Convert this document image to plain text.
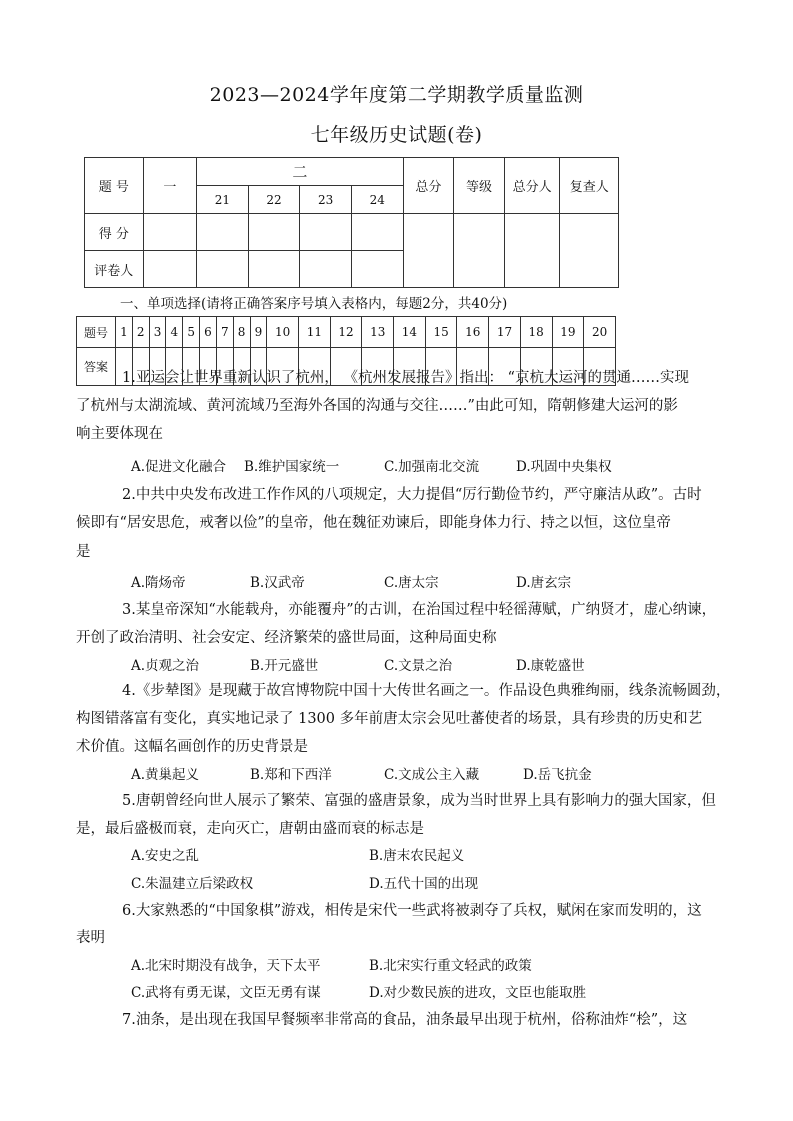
2023—2024学年度第二学期教学质量监测
七年级历史试题(卷)
题 号	一	二				总分	等级	总分人	复查人
		21	22	23	24				
得 分									
评卷人									
一、单项选择(请将正确答案序号填入表格内，每题2分，共40分)
题号	1	2	3	4	5	6	7	8	9	10	11	12	13	14	15	16	17	18	19	20
答案																				
1.亚运会让世界重新认识了杭州， 《杭州发展报告》指出： “京杭大运河的贯通……实现
了杭州与太湖流域、黄河流域乃至海外各国的沟通与交往……”由此可知，隋朝修建大运河的影
响主要体现在
A.促进文化融合 B.维护国家统一	C.加强南北交流	D.巩固中央集权
2.中共中央发布改进工作作风的八项规定，大力提倡“厉行勤俭节约，严守廉洁从政”。古时
候即有“居安思危，戒奢以俭”的皇帝，他在魏征劝谏后，即能身体力行、持之以恒，这位皇帝
是
A.隋炀帝	B.汉武帝	C.唐太宗	D.唐玄宗
3.某皇帝深知“水能载舟，亦能覆舟”的古训，在治国过程中轻徭薄赋，广纳贤才，虚心纳谏，
开创了政治清明、社会安定、经济繁荣的盛世局面，这种局面史称
A.贞观之治	B.开元盛世	C.文景之治	D.康乾盛世
4.《步辇图》是现藏于故宫博物院中国十大传世名画之一。作品设色典雅绚丽，线条流畅圆劲，
构图错落富有变化，真实地记录了 1300 多年前唐太宗会见吐蕃使者的场景，具有珍贵的历史和艺
术价值。这幅名画创作的历史背景是
A.黄巢起义	B.郑和下西洋	C.文成公主入藏	D.岳飞抗金
5.唐朝曾经向世人展示了繁荣、富强的盛唐景象，成为当时世界上具有影响力的强大国家，但
是，最后盛极而衰，走向灭亡，唐朝由盛而衰的标志是
A.安史之乱	B.唐末农民起义
C.朱温建立后梁政权	D.五代十国的出现
6.大家熟悉的“中国象棋”游戏，相传是宋代一些武将被剥夺了兵权，赋闲在家而发明的，这
表明
A.北宋时期没有战争，天下太平	B.北宋实行重文轻武的政策
C.武将有勇无谋，文臣无勇有谋	D.对少数民族的进攻，文臣也能取胜
7.油条，是出现在我国早餐频率非常高的食品，油条最早出现于杭州，俗称油炸“桧”，这
